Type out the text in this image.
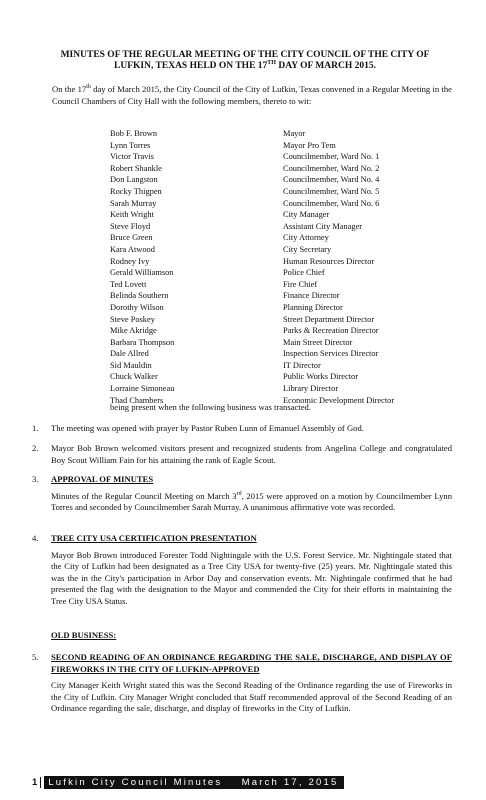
MINUTES OF THE REGULAR MEETING OF THE CITY COUNCIL OF THE CITY OF
LUFKIN, TEXAS HELD ON THE 17TH DAY OF MARCH 2015.
On the 17th day of March 2015, the City Council of the City of Lufkin, Texas convened in a Regular Meeting in the Council Chambers of City Hall with the following members, thereto to wit:
Bob F. Brown	Mayor
Lynn Torres	Mayor Pro Tem
Victor Travis	Councilmember, Ward No. 1
Robert Shankle	Councilmember, Ward No. 2
Don Langston	Councilmember, Ward No. 4
Rocky Thigpen	Councilmember, Ward No. 5
Sarah Murray	Councilmember, Ward No. 6
Keith Wright	City Manager
Steve Floyd	Assistant City Manager
Bruce Green	City Attorney
Kara Atwood	City Secretary
Rodney Ivy	Human Resources Director
Gerald Williamson	Police Chief
Ted Lovett	Fire Chief
Belinda Southern	Finance Director
Dorothy Wilson	Planning Director
Steve Poskey	Street Department Director
Mike Akridge	Parks & Recreation Director
Barbara Thompson	Main Street Director
Dale Allred	Inspection Services Director
Sid Mauldin	IT Director
Chuck Walker	Public Works Director
Lorraine Simoneau	Library Director
Thad Chambers	Economic Development Director
being present when the following business was transacted.
1. The meeting was opened with prayer by Pastor Ruben Lunn of Emanuel Assembly of God.
2. Mayor Bob Brown welcomed visitors present and recognized students from Angelina College and congratulated Boy Scout William Fain for his attaining the rank of Eagle Scout.
3. APPROVAL OF MINUTES
Minutes of the Regular Council Meeting on March 3rd, 2015 were approved on a motion by Councilmember Lynn Torres and seconded by Councilmember Sarah Murray. A unanimous affirmative vote was recorded.
4. TREE CITY USA CERTIFICATION PRESENTATION
Mayor Bob Brown introduced Forester Todd Nightingale with the U.S. Forest Service. Mr. Nightingale stated that the City of Lufkin had been designated as a Tree City USA for twenty-five (25) years. Mr. Nightingale stated this was the in the City's participation in Arbor Day and conservation events. Mr. Nightingale confirmed that he had presented the flag with the designation to the Mayor and commended the City for their efforts in maintaining the Tree City USA Status.
OLD BUSINESS:
5. SECOND READING OF AN ORDINANCE REGARDING THE SALE, DISCHARGE, AND DISPLAY OF FIREWORKS IN THE CITY OF LUFKIN-APPROVED
City Manager Keith Wright stated this was the Second Reading of the Ordinance regarding the use of Fireworks in the City of Lufkin. City Manager Wright concluded that Staff recommended approval of the Second Reading of an Ordinance regarding the sale, discharge, and display of fireworks in the City of Lufkin.
1	Lufkin City Council Minutes    March 17, 2015
